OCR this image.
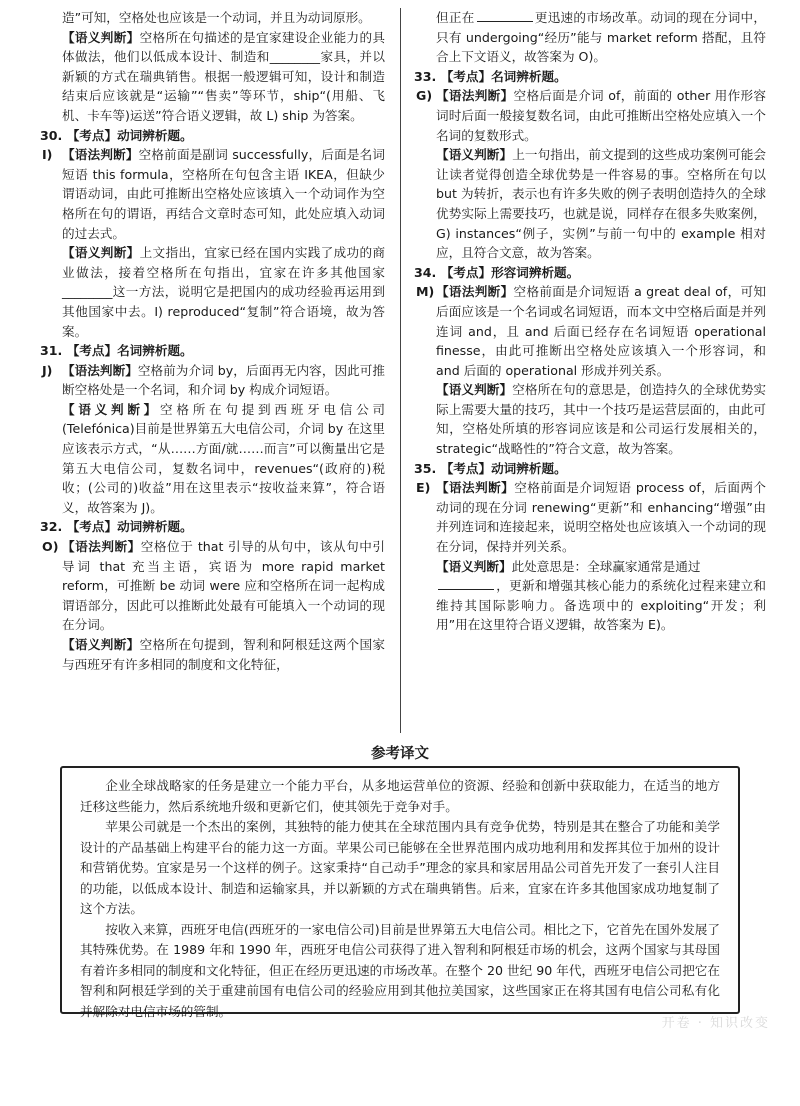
造”可知，空格处也应该是一个动词，并且为动词原形。

【语义判断】空格所在句描述的是宜家建设企业能力的具体做法，他们以低成本设计、制造和________家具，并以新颖的方式在瑞典销售。根据一般逻辑可知，设计和制造结束后应该就是“运输”“售卖”等环节，ship“(用船、飞机、卡车等)运送”符合语义逻辑，故 L) ship 为答案。

30. 【考点】动词辨析题。

I) 【语法判断】空格前面是副词 successfully，后面是名词短语 this formula，空格所在句包含主语 IKEA，但缺少谓语动词，由此可推断出空格处应该填入一个动词作为空格所在句的谓语，再结合文章时态可知，此处应填入动词的过去式。

【语义判断】上文指出，宜家已经在国内实践了成功的商业做法，接着空格所在句指出，宜家在许多其他国家________这一方法，说明它是把国内的成功经验再运用到其他国家中去。I) reproduced“复制”符合语境，故为答案。

31. 【考点】名词辨析题。

J) 【语法判断】空格前为介词 by，后面再无内容，因此可推断空格处是一个名词，和介词 by 构成介词短语。

【语义判断】空格所在句提到西班牙电信公司(Telefónica)目前是世界第五大电信公司，介词 by 在这里应该表示方式，“从……方面/就……而言”可以衡量出它是第五大电信公司，复数名词中，revenues“(政府的)税收；(公司的)收益”用在这里表示“按收益来算”，符合语义，故答案为 J)。

32. 【考点】动词辨析题。

O) 【语法判断】空格位于 that 引导的从句中，该从句中引导词 that 充当主语，宾语为 more rapid market reform，可推断 be 动词 were 应和空格所在词一起构成谓语部分，因此可以推断此处最有可能填入一个动词的现在分词。

【语义判断】空格所在句提到，智利和阿根廷这两个国家与西班牙有许多相同的制度和文化特征，

但正在	更迅速的市场改革。动词的现在分词中，只有 undergoing“经历”能与 market reform 搭配，且符合上下文语义，故答案为 O)。

33. 【考点】名词辨析题。

G) 【语法判断】空格后面是介词 of，前面的 other 用作形容词时后面一般接复数名词，由此可推断出空格处应填入一个名词的复数形式。

【语义判断】上一句指出，前文提到的这些成功案例可能会让读者觉得创造全球优势是一件容易的事。空格所在句以 but 为转折，表示也有许多失败的例子表明创造持久的全球优势实际上需要技巧，也就是说，同样存在很多失败案例，G) instances“例子，实例”与前一句中的 example 相对应，且符合文意，故为答案。

34. 【考点】形容词辨析题。

M) 【语法判断】空格前面是介词短语 a great deal of，可知后面应该是一个名词或名词短语，而本文中空格后面是并列连词 and，且 and 后面已经存在名词短语 operational finesse，由此可推断出空格处应该填入一个形容词，和 and 后面的 operational 形成并列关系。

【语义判断】空格所在句的意思是，创造持久的全球优势实际上需要大量的技巧，其中一个技巧是运营层面的，由此可知，空格处所填的形容词应该是和公司运行发展相关的，strategic“战略性的”符合文意，故为答案。

35. 【考点】动词辨析题。

E) 【语法判断】空格前面是介词短语 process of，后面两个动词的现在分词 renewing“更新”和 enhancing“增强”由并列连词和连接起来，说明空格处也应该填入一个动词的现在分词，保持并列关系。

【语义判断】此处意思是：全球赢家通常是通过
，更新和增强其核心能力的系统化过程来建立和维持其国际影响力。备选项中的 exploiting“开发；利用”用在这里符合语义逻辑，故答案为 E)。

参考译文

企业全球战略家的任务是建立一个能力平台，从多地运营单位的资源、经验和创新中获取能力，在适当的地方迁移这些能力，然后系统地升级和更新它们，使其领先于竞争对手。

苹果公司就是一个杰出的案例，其独特的能力使其在全球范围内具有竞争优势，特别是其在整合了功能和美学设计的产品基础上构建平台的能力这一方面。苹果公司已能够在全世界范围内成功地利用和发挥其位于加州的设计和营销优势。宜家是另一个这样的例子。这家秉持“自己动手”理念的家具和家居用品公司首先开发了一套引人注目的功能，以低成本设计、制造和运输家具，并以新颖的方式在瑞典销售。后来，宜家在许多其他国家成功地复制了这个方法。

按收入来算，西班牙电信(西班牙的一家电信公司)目前是世界第五大电信公司。相比之下，它首先在国外发展了其特殊优势。在 1989 年和 1990 年，西班牙电信公司获得了进入智利和阿根廷市场的机会，这两个国家与其母国有着许多相同的制度和文化特征，但正在经历更迅速的市场改革。在整个 20 世纪 90 年代，西班牙电信公司把它在智利和阿根廷学到的关于重建前国有电信公司的经验应用到其他拉美国家，这些国家正在将其国有电信公司私有化并解除对电信市场的管制。

开卷 · 知识改变
